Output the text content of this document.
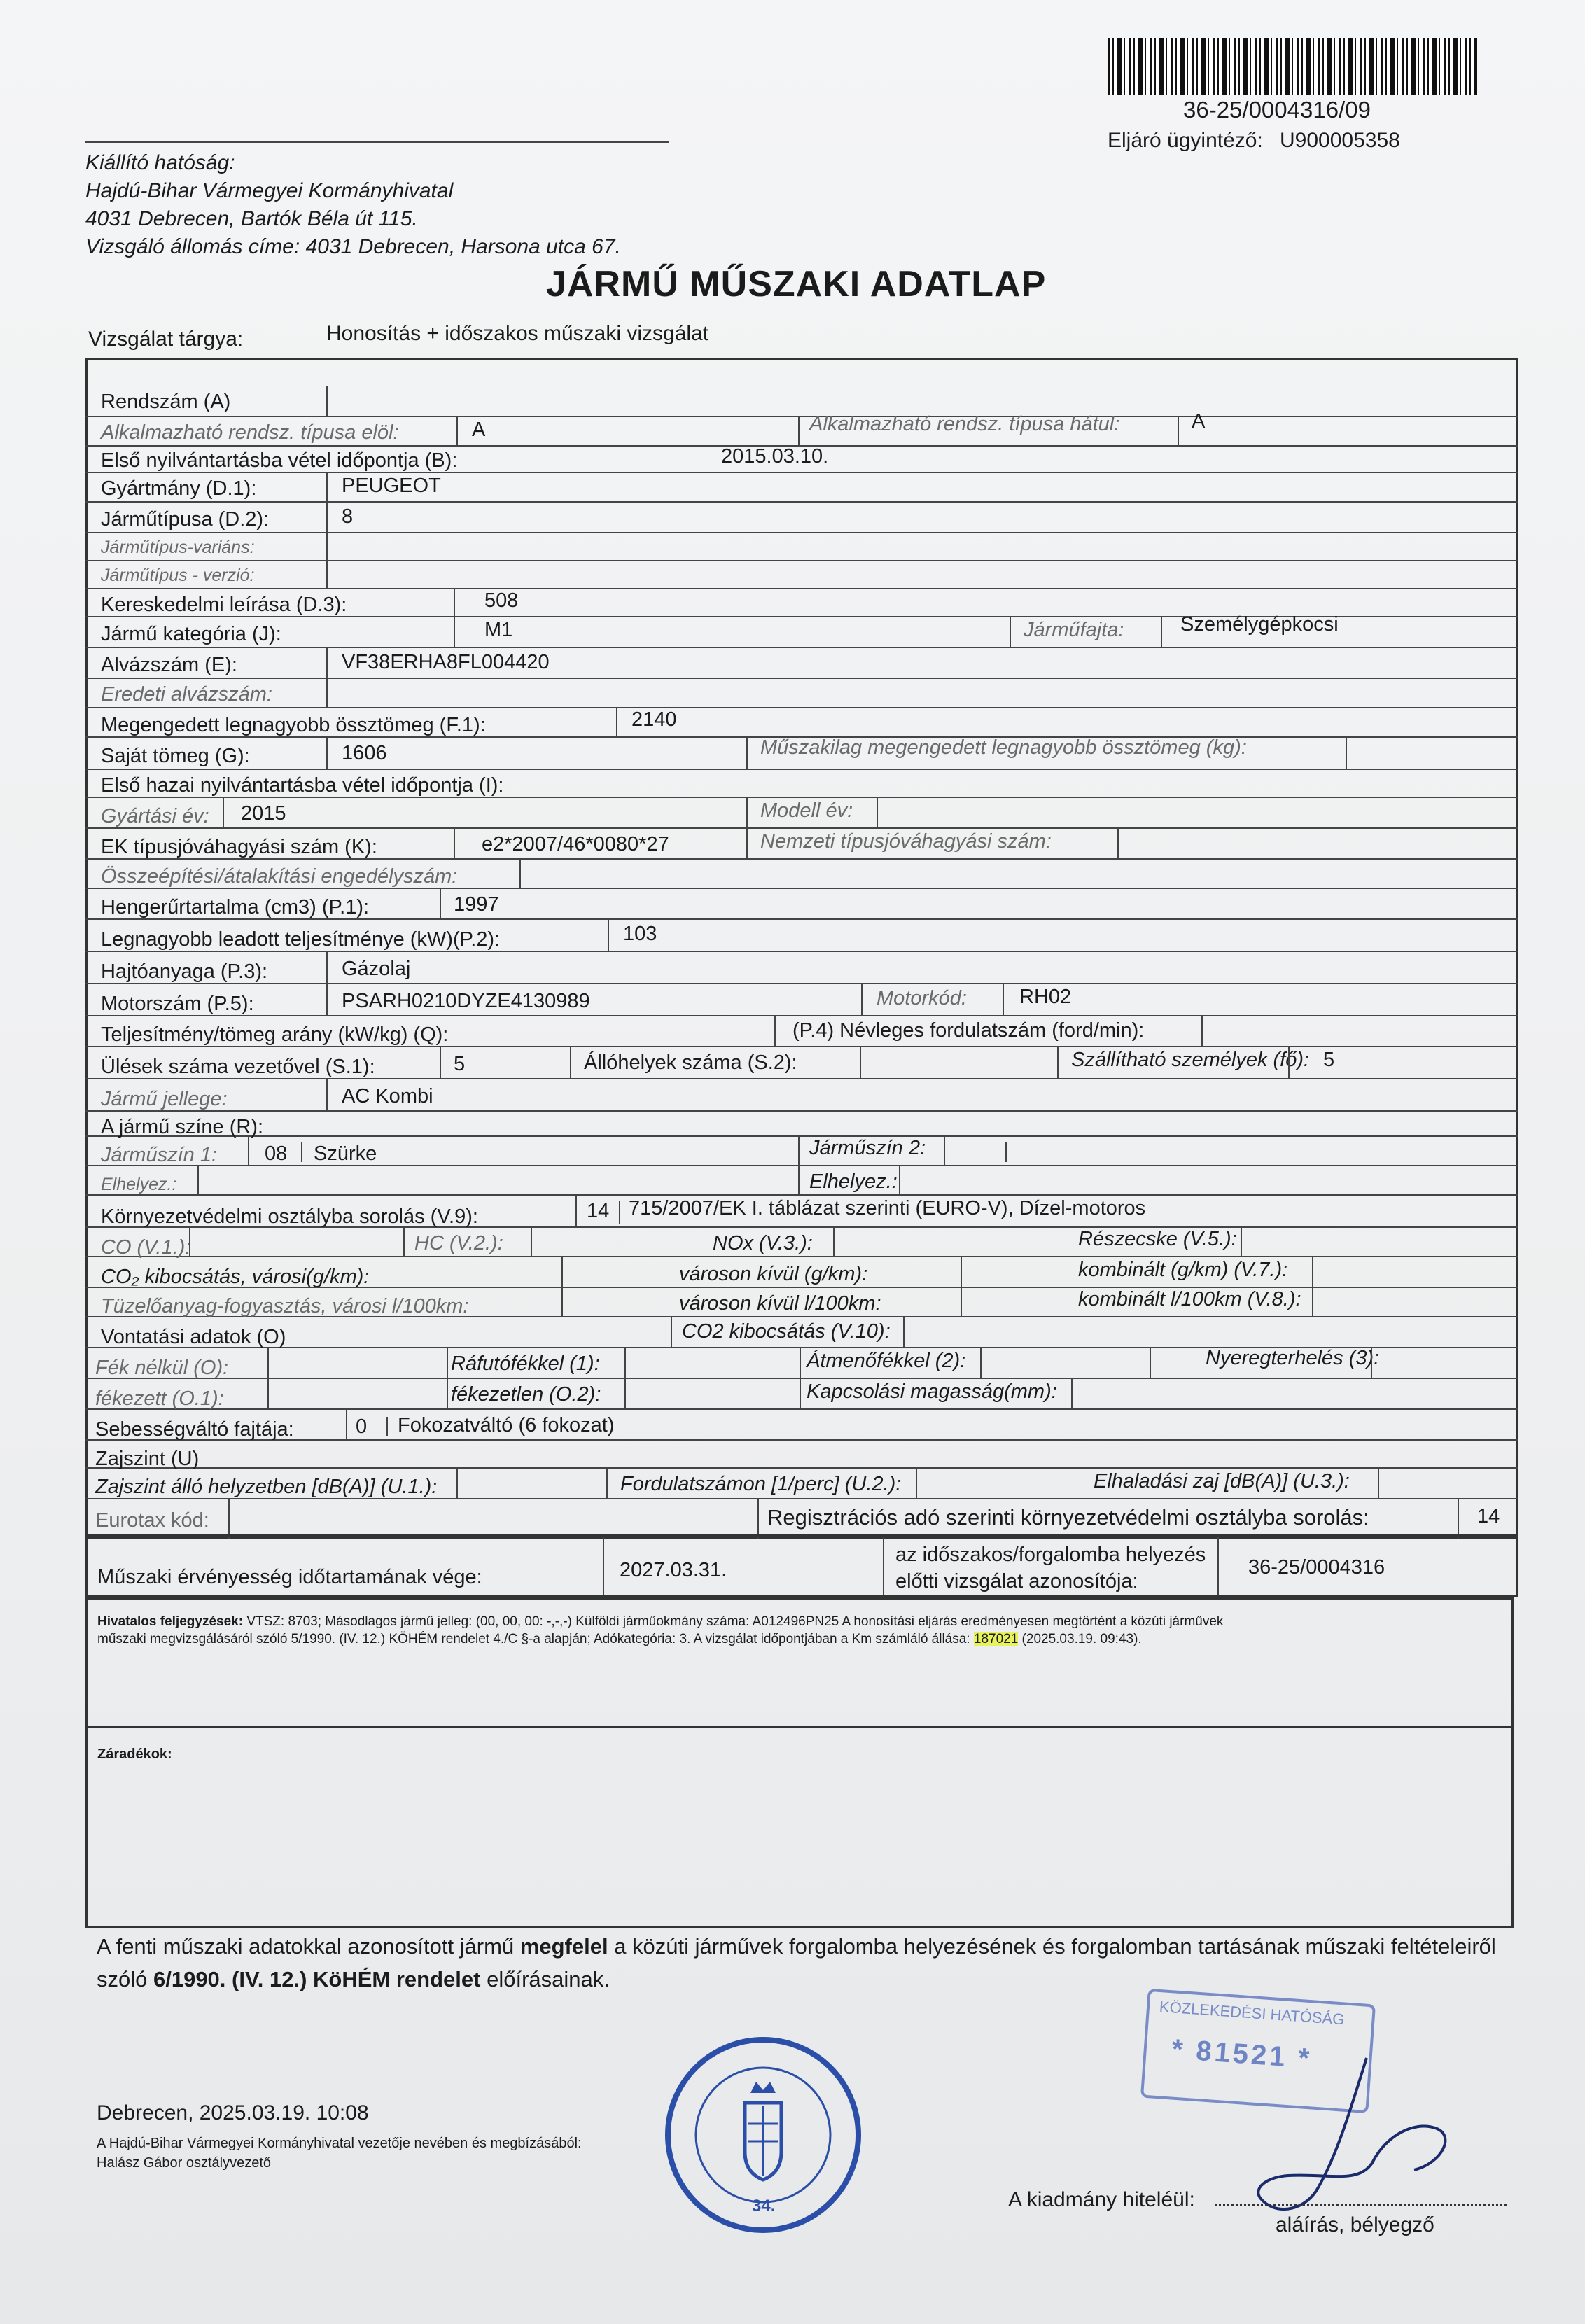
36-25/0004316/09
Eljáró ügyintéző: U900005358
Kiállító hatóság:
Hajdú-Bihar Vármegyei Kormányhivatal
4031 Debrecen, Bartók Béla út 115.
Vizsgáló állomás címe: 4031 Debrecen, Harsona utca 67.
JÁRMŰ MŰSZAKI ADATLAP
Vizsgálat tárgya:	Honosítás + időszakos műszaki vizsgálat
Rendszám (A)
Alkalmazható rendsz. típusa elöl:	A	Alkalmazható rendsz. típusa hátul:	A
Első nyilvántartásba vétel időpontja (B):	2015.03.10.
Gyártmány (D.1):	PEUGEOT
Járműtípusa (D.2):	8
Járműtípus-variáns:
Járműtípus - verzió:
Kereskedelmi leírása (D.3):	508
Jármű kategória (J):	M1	Járműfajta:	Személygépkocsi
Alvázszám (E):	VF38ERHA8FL004420
Eredeti alvázszám:
Megengedett legnagyobb össztömeg (F.1):	2140
Saját tömeg (G):	1606	Műszakilag megengedett legnagyobb össztömeg (kg):
Első hazai nyilvántartásba vétel időpontja (I):
Gyártási év: 2015	Modell év:
EK típusjóváhagyási szám (K):	e2*2007/46*0080*27	Nemzeti típusjóváhagyási szám:
Összeépítési/átalakítási engedélyszám:
Hengerűrtartalma (cm3) (P.1):	1997
Legnagyobb leadott teljesítménye (kW)(P.2):	103
Hajtóanyaga (P.3):	Gázolaj
Motorszám (P.5):	PSARH0210DYZE4130989	Motorkód:	RH02
Teljesítmény/tömeg arány (kW/kg) (Q):	(P.4) Névleges fordulatszám (ford/min):
Ülések száma vezetővel (S.1):	5	Állóhelyek száma (S.2):	Szállítható személyek (fő): 5
Jármű jellege:	AC Kombi
A jármű színe (R):
Járműszín 1: 08 Szürke	Járműszín 2:
Elhelyez.:	Elhelyez.:
Környezetvédelmi osztályba sorolás (V.9):	14 715/2007/EK I. táblázat szerinti (EURO-V), Dízel-motoros
CO (V.1.):	HC (V.2.):	NOx (V.3.):	Részecske (V.5.):
CO₂ kibocsátás, városi(g/km):	városon kívül (g/km):	kombinált (g/km) (V.7.):
Tüzelőanyag-fogyasztás, városi l/100km:	városon kívül l/100km:	kombinált l/100km (V.8.):
Vontatási adatok (O)	CO2 kibocsátás (V.10):
Fék nélkül (O):	Ráfutófékkel (1):	Átmenőfékkel (2):	Nyeregterhelés (3):
fékezett (O.1):	fékezetlen (O.2):	Kapcsolási magasság(mm):
Sebességváltó fajtája:	0 Fokozatváltó (6 fokozat)
Zajszint (U)
Zajszint álló helyzetben [dB(A)] (U.1.):	Fordulatszámon [1/perc] (U.2.):	Elhaladási zaj [dB(A)] (U.3.):
Eurotax kód:	Regisztrációs adó szerinti környezetvédelmi osztályba sorolás:	14
Műszaki érvényesség időtartamának vége:	2027.03.31.
az időszakos/forgalomba helyezés
előtti vizsgálat azonosítója:
36-25/0004316
Hivatalos feljegyzések: VTSZ: 8703; Másodlagos jármű jelleg: (00, 00, 00: -,-,-) Külföldi járműokmány száma: A012496PN25 A honosítási eljárás eredményesen megtörtént a közúti járművek
műszaki megvizsgálásáról szóló 5/1990. (IV. 12.) KÖHÉM rendelet 4./C §-a alapján; Adókategória: 3. A vizsgálat időpontjában a Km számláló állása: 187021 (2025.03.19. 09:43).
Záradékok:
A fenti műszaki adatokkal azonosított jármű megfelel a közúti járművek forgalomba helyezésének és forgalomban tartásának műszaki feltételeiről
szóló 6/1990. (IV. 12.) KöHÉM rendelet előírásainak.
Debrecen, 2025.03.19. 10:08
A Hajdú-Bihar Vármegyei Kormányhivatal vezetője nevében és megbízásából:
Halász Gábor osztályvezető
34.
KÖZLEKEDÉSI HATÓSÁG
* 81521 *
A kiadmány hiteléül:
aláírás, bélyegző
